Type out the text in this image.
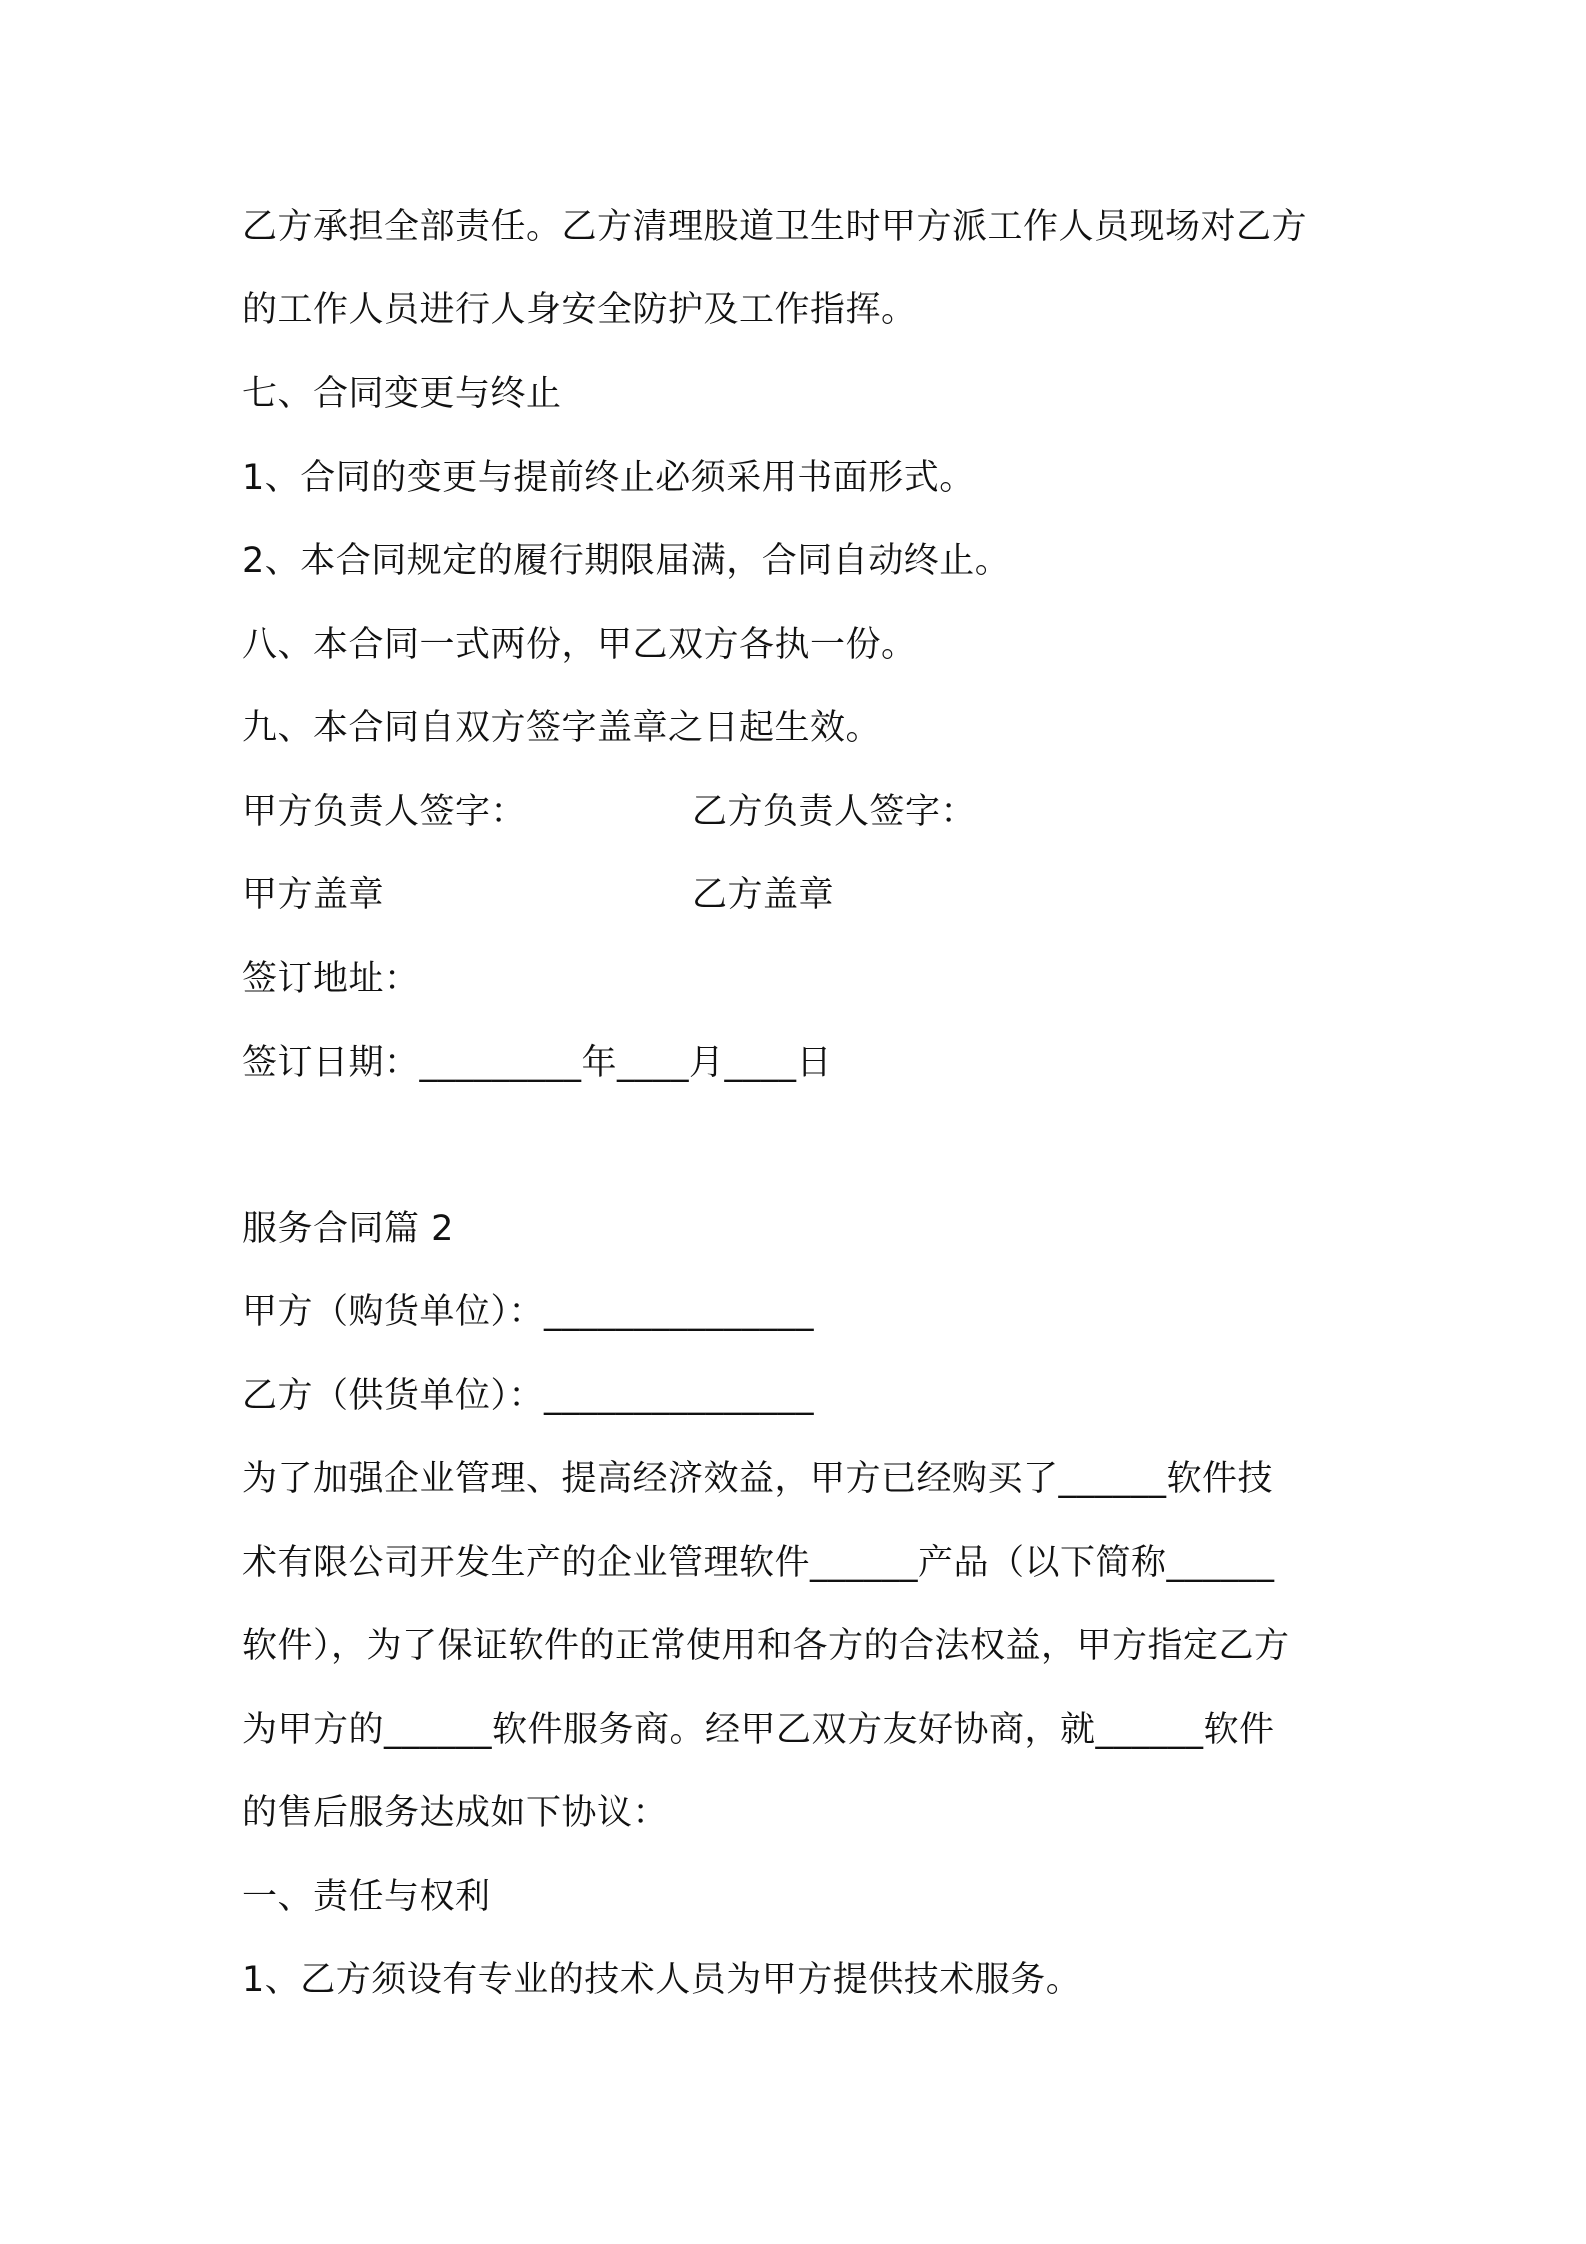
乙方承担全部责任。乙方清理股道卫生时甲方派工作人员现场对乙方
的工作人员进行人身安全防护及工作指挥。
七、合同变更与终止
1、合同的变更与提前终止必须采用书面形式。
2、本合同规定的履行期限届满，合同自动终止。
八、本合同一式两份，甲乙双方各执一份。
九、本合同自双方签字盖章之日起生效。
甲方负责人签字：	乙方负责人签字：
甲方盖章	乙方盖章
签订地址：
签订日期：_________年____月____日
服务合同篇 2
甲方（购货单位）：_______________
乙方（供货单位）：_______________
为了加强企业管理、提高经济效益，甲方已经购买了______软件技
术有限公司开发生产的企业管理软件______产品（以下简称______
软件），为了保证软件的正常使用和各方的合法权益，甲方指定乙方
为甲方的______软件服务商。经甲乙双方友好协商，就______软件
的售后服务达成如下协议：
一、责任与权利
1、乙方须设有专业的技术人员为甲方提供技术服务。
